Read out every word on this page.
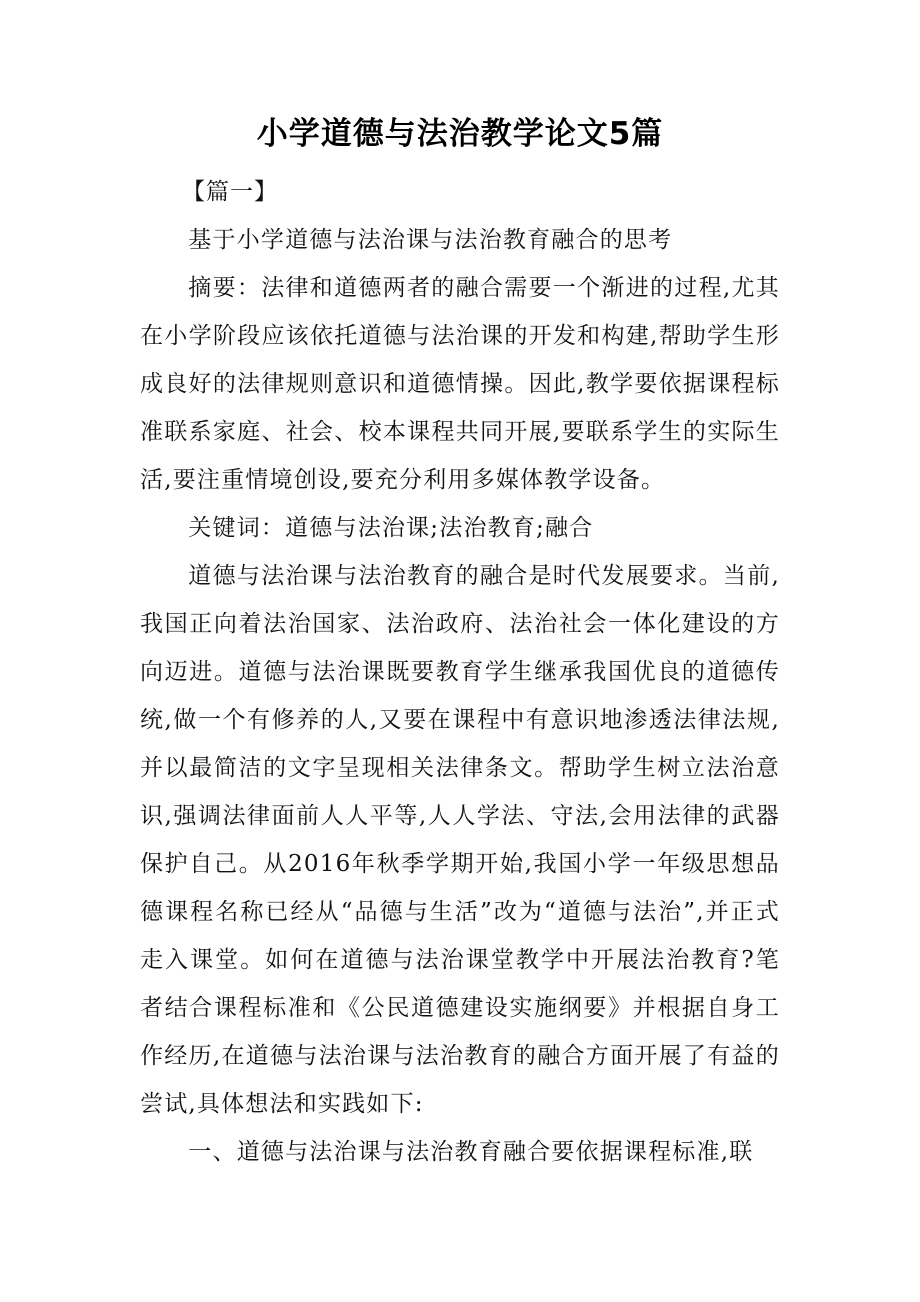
小学道德与法治教学论文5篇

【篇一】

基于小学道德与法治课与法治教育融合的思考

摘要：法律和道德两者的融合需要一个渐进的过程,尤其在小学阶段应该依托道德与法治课的开发和构建,帮助学生形成良好的法律规则意识和道德情操。因此,教学要依据课程标准联系家庭、社会、校本课程共同开展,要联系学生的实际生活,要注重情境创设,要充分利用多媒体教学设备。

关键词：道德与法治课;法治教育;融合

道德与法治课与法治教育的融合是时代发展要求。当前,我国正向着法治国家、法治政府、法治社会一体化建设的方向迈进。道德与法治课既要教育学生继承我国优良的道德传统,做一个有修养的人,又要在课程中有意识地渗透法律法规,并以最简洁的文字呈现相关法律条文。帮助学生树立法治意识,强调法律面前人人平等,人人学法、守法,会用法律的武器保护自己。从2016年秋季学期开始,我国小学一年级思想品德课程名称已经从“品德与生活”改为“道德与法治”,并正式走入课堂。如何在道德与法治课堂教学中开展法治教育?笔者结合课程标准和《公民道德建设实施纲要》并根据自身工作经历,在道德与法治课与法治教育的融合方面开展了有益的尝试,具体想法和实践如下:

一、道德与法治课与法治教育融合要依据课程标准,联
